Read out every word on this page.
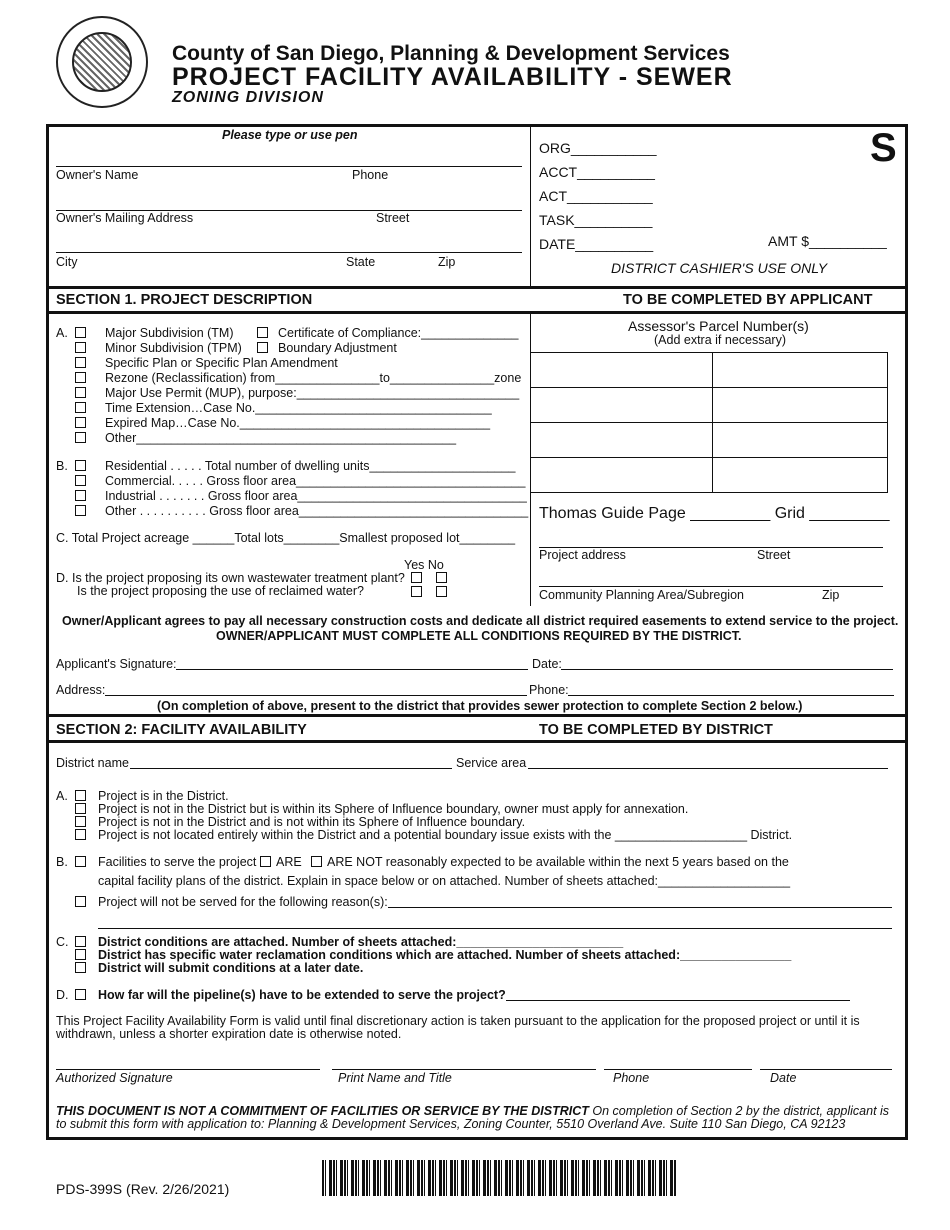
County of San Diego, Planning & Development Services
PROJECT FACILITY AVAILABILITY - SEWER
ZONING DIVISION
Please type or use pen
Owner's Name	Phone
Owner's Mailing Address	Street
City	State	Zip
ORG___________
ACCT__________
ACT___________
TASK__________
DATE__________	AMT $__________
DISTRICT CASHIER'S USE ONLY
S
SECTION 1. PROJECT DESCRIPTION	TO BE COMPLETED BY APPLICANT
A.	Major Subdivision (TM)
Minor Subdivision (TPM)
Specific Plan or Specific Plan Amendment
Rezone (Reclassification) from_______________to_______________zone
Major Use Permit (MUP), purpose:________________________________
Time Extension…Case No.__________________________________
Expired Map…Case No.____________________________________
Other______________________________________________
Certificate of Compliance:______________
Boundary Adjustment
B.	Residential . . . . . Total number of dwelling units_____________________
Commercial. . . . . Gross floor area_________________________________
Industrial . . . . . . . Gross floor area_________________________________
Other . . . . . . . . . . Gross floor area_________________________________
C. Total Project acreage ______Total lots________Smallest proposed lot________
Yes No
D. Is the project proposing its own wastewater treatment plant?
Is the project proposing the use of reclaimed water?
Assessor's Parcel Number(s)
(Add extra if necessary)
Thomas Guide Page _________ Grid _________
Project address	Street
Community Planning Area/Subregion	Zip
Owner/Applicant agrees to pay all necessary construction costs and dedicate all district required easements to extend service to the project.
OWNER/APPLICANT MUST COMPLETE ALL CONDITIONS REQUIRED BY THE DISTRICT.
Applicant's Signature:	Date:
Address:	Phone:
(On completion of above, present to the district that provides sewer protection to complete Section 2 below.)
SECTION 2: FACILITY AVAILABILITY	TO BE COMPLETED BY DISTRICT
District name	Service area
A. Project is in the District.
Project is not in the District but is within its Sphere of Influence boundary, owner must apply for annexation.
Project is not in the District and is not within its Sphere of Influence boundary.
Project is not located entirely within the District and a potential boundary issue exists with the ___________________ District.
B. Facilities to serve the project ARE ARE NOT reasonably expected to be available within the next 5 years based on the
capital facility plans of the district. Explain in space below or on attached. Number of sheets attached:___________________
Project will not be served for the following reason(s):
C. District conditions are attached. Number of sheets attached:________________________
District has specific water reclamation conditions which are attached. Number of sheets attached:________________
District will submit conditions at a later date.
D. How far will the pipeline(s) have to be extended to serve the project?
This Project Facility Availability Form is valid until final discretionary action is taken pursuant to the application for the proposed project or until it is
withdrawn, unless a shorter expiration date is otherwise noted.
Authorized Signature	Print Name and Title	Phone	Date
THIS DOCUMENT IS NOT A COMMITMENT OF FACILITIES OR SERVICE BY THE DISTRICT On completion of Section 2 by the district, applicant is
to submit this form with application to: Planning & Development Services, Zoning Counter, 5510 Overland Ave. Suite 110 San Diego, CA 92123
PDS-399S (Rev. 2/26/2021)
